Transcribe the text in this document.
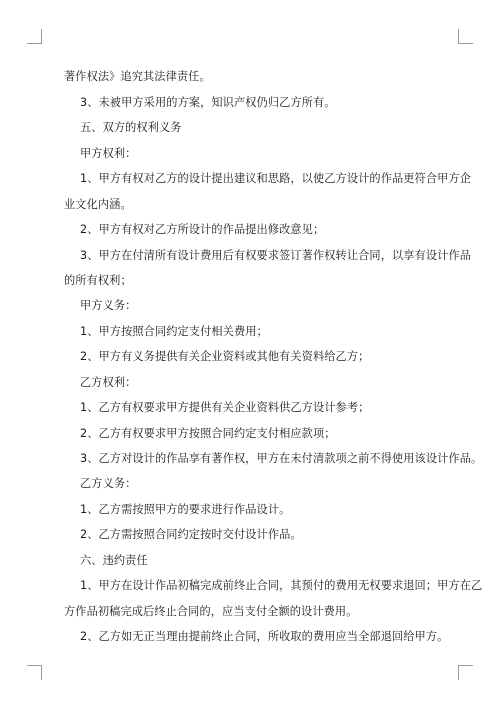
著作权法》追究其法律责任。
3、未被甲方采用的方案，知识产权仍归乙方所有。
五、双方的权利义务
甲方权利：
1、甲方有权对乙方的设计提出建议和思路，以使乙方设计的作品更符合甲方企
业文化内涵。
2、甲方有权对乙方所设计的作品提出修改意见；
3、甲方在付清所有设计费用后有权要求签订著作权转让合同，以享有设计作品
的所有权利；
甲方义务：
1、甲方按照合同约定支付相关费用；
2、甲方有义务提供有关企业资料或其他有关资料给乙方；
乙方权利：
1、乙方有权要求甲方提供有关企业资料供乙方设计参考；
2、乙方有权要求甲方按照合同约定支付相应款项；
3、乙方对设计的作品享有著作权，甲方在未付清款项之前不得使用该设计作品。
乙方义务：
1、乙方需按照甲方的要求进行作品设计。
2、乙方需按照合同约定按时交付设计作品。
六、违约责任
1、甲方在设计作品初稿完成前终止合同，其预付的费用无权要求退回；甲方在乙
方作品初稿完成后终止合同的，应当支付全额的设计费用。
2、乙方如无正当理由提前终止合同，所收取的费用应当全部退回给甲方。
